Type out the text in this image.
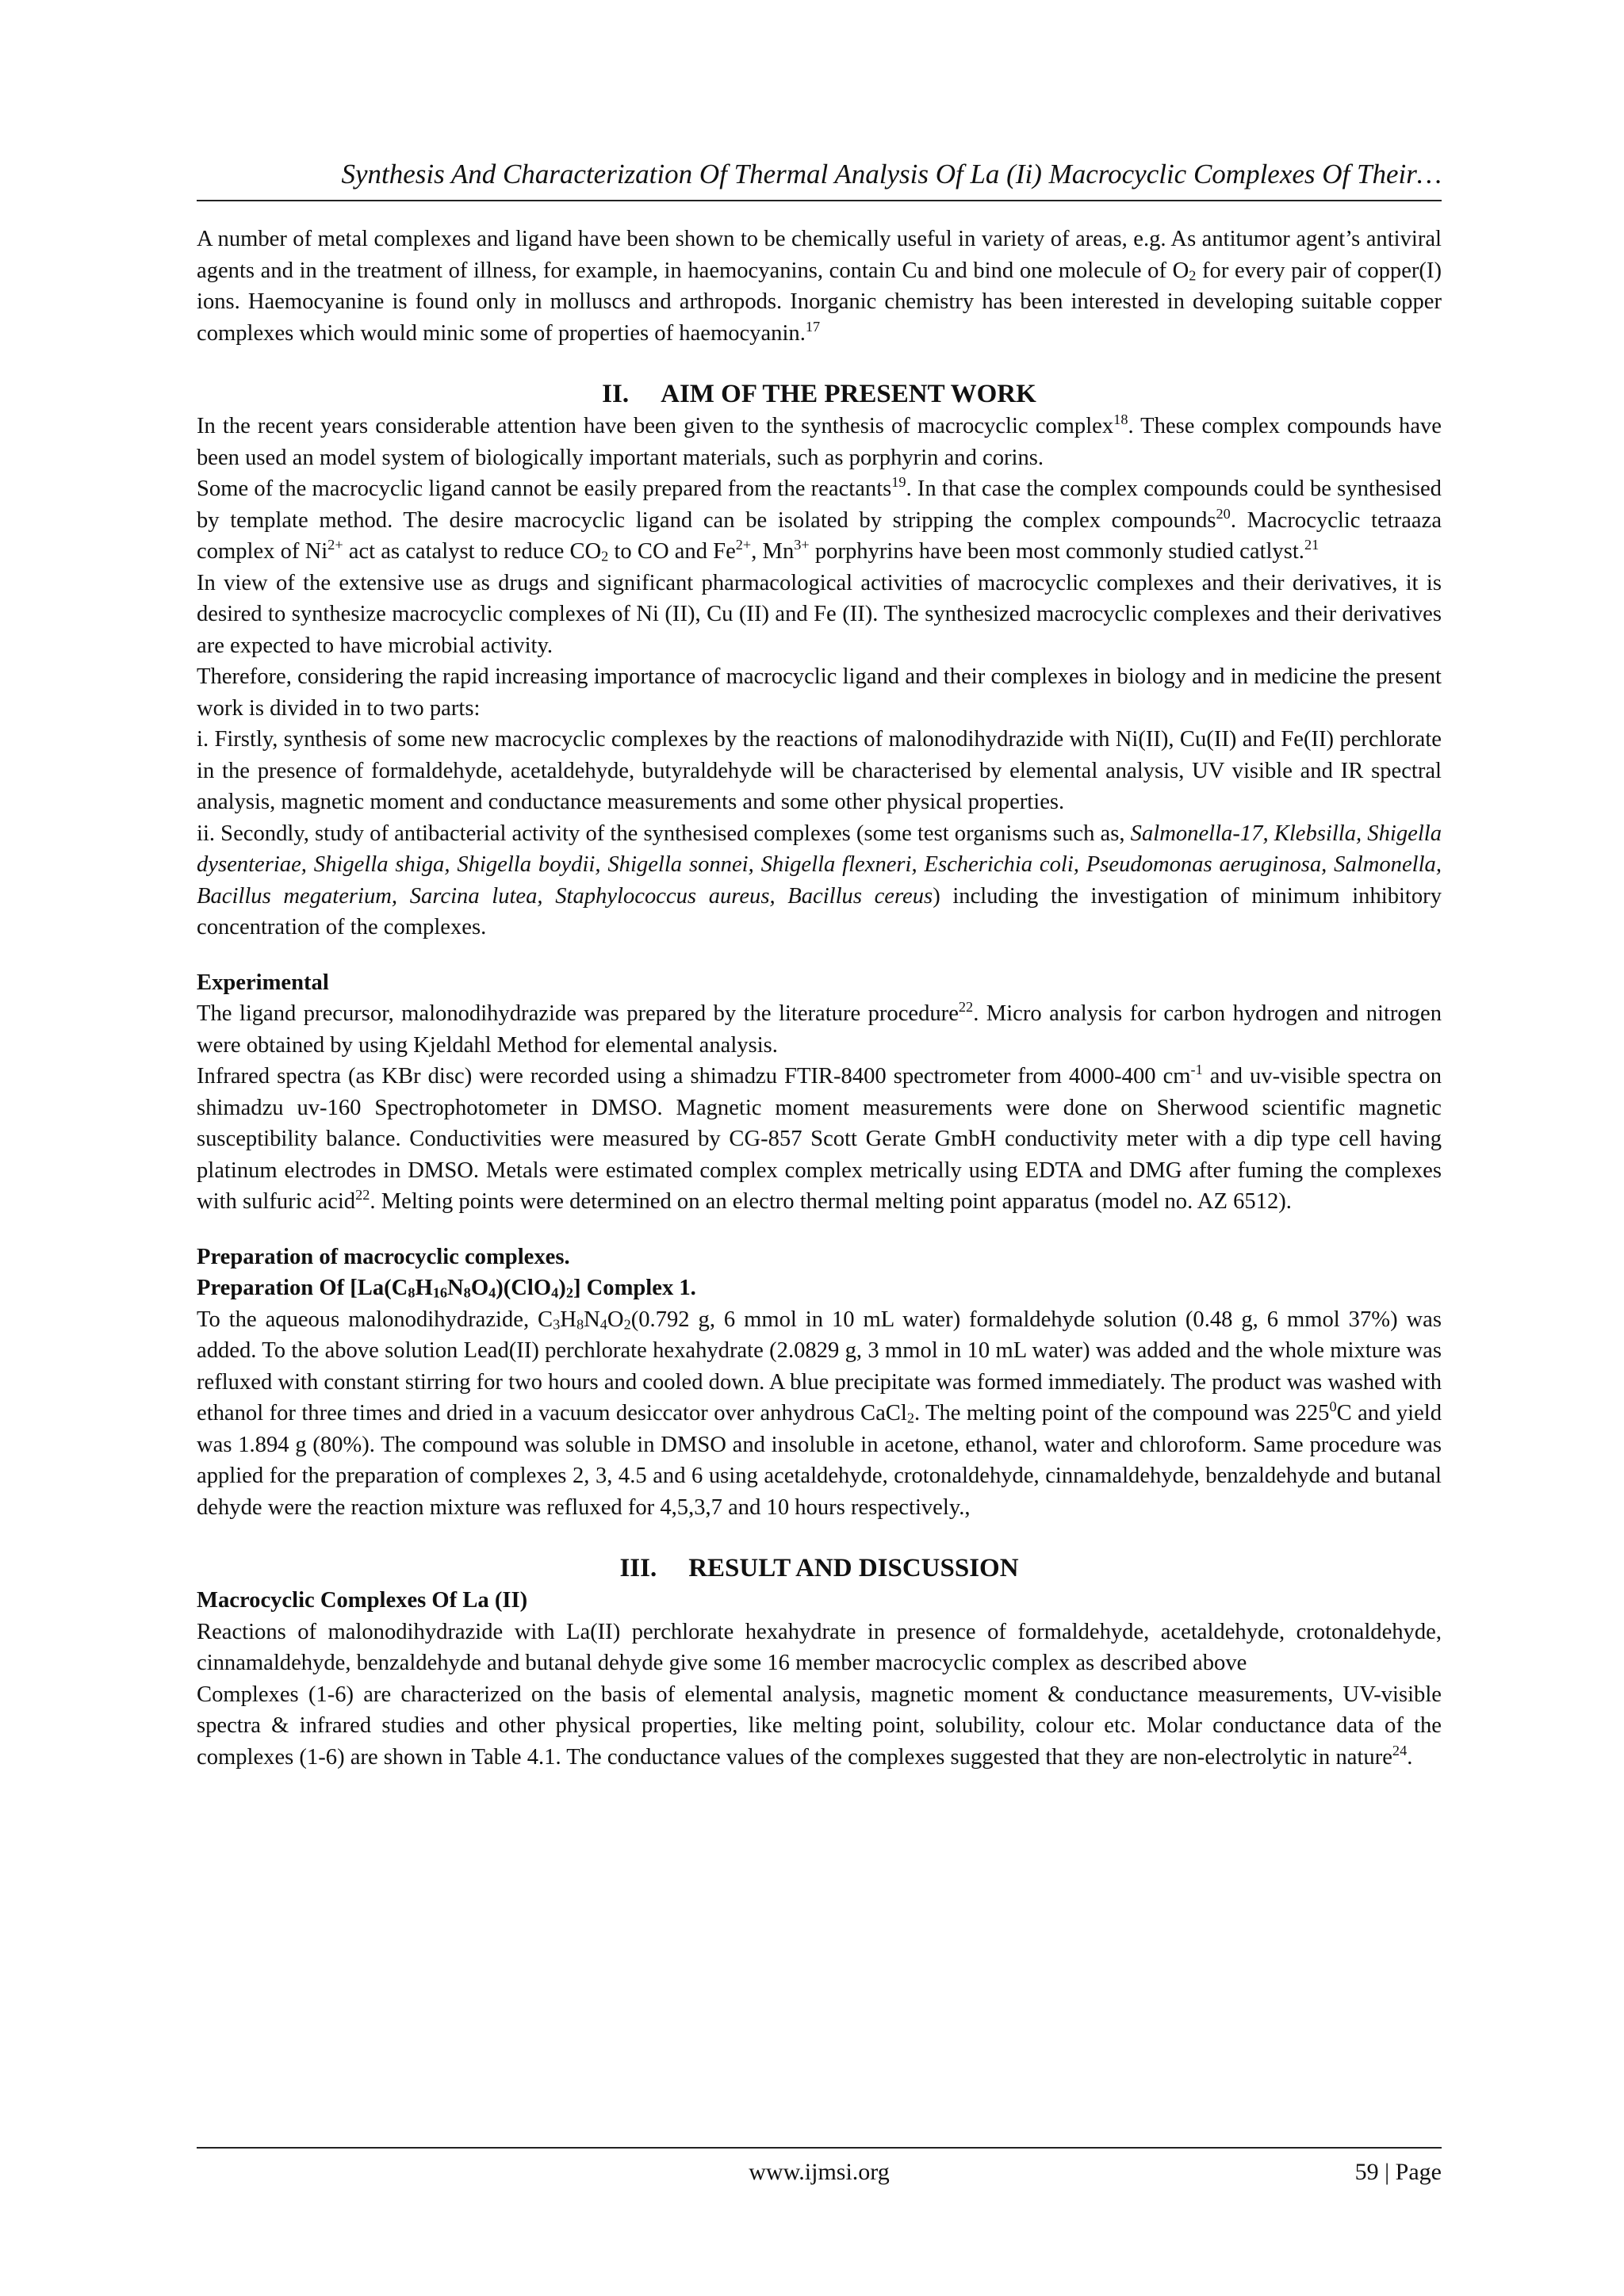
Synthesis And Characterization Of Thermal Analysis Of La (Ii) Macrocyclic Complexes Of Their…

A number of metal complexes and ligand have been shown to be chemically useful in variety of areas, e.g. As antitumor agent’s antiviral agents and in the treatment of illness, for example, in haemocyanins, contain Cu and bind one molecule of $O_2$ for every pair of copper(I) ions. Haemocyanine is found only in molluscs and arthropods. Inorganic chemistry has been interested in developing suitable copper complexes which would minic some of properties of haemocyanin.$^{17}$

II. AIM OF THE PRESENT WORK

In the recent years considerable attention have been given to the synthesis of macrocyclic complex$^{18}$. These complex compounds have been used an model system of biologically important materials, such as porphyrin and corins.

Some of the macrocyclic ligand cannot be easily prepared from the reactants$^{19}$. In that case the complex compounds could be synthesised by template method. The desire macrocyclic ligand can be isolated by stripping the complex compounds$^{20}$. Macrocyclic tetraaza complex of $Ni^{2+}$ act as catalyst to reduce $CO_2$ to CO and $Fe^{2+}$, $Mn^{3+}$ porphyrins have been most commonly studied catlyst.$^{21}$

In view of the extensive use as drugs and significant pharmacological activities of macrocyclic complexes and their derivatives, it is desired to synthesize macrocyclic complexes of Ni (II), Cu (II) and Fe (II). The synthesized macrocyclic complexes and their derivatives are expected to have microbial activity.

Therefore, considering the rapid increasing importance of macrocyclic ligand and their complexes in biology and in medicine the present work is divided in to two parts:

i. Firstly, synthesis of some new macrocyclic complexes by the reactions of malonodihydrazide with Ni(II), Cu(II) and Fe(II) perchlorate in the presence of formaldehyde, acetaldehyde, butyraldehyde will be characterised by elemental analysis, UV visible and IR spectral analysis, magnetic moment and conductance measurements and some other physical properties.

ii. Secondly, study of antibacterial activity of the synthesised complexes (some test organisms such as, Salmonella-17, Klebsilla, Shigella dysenteriae, Shigella shiga, Shigella boydii, Shigella sonnei, Shigella flexneri, Escherichia coli, Pseudomonas aeruginosa, Salmonella, Bacillus megaterium, Sarcina lutea, Staphylococcus aureus, Bacillus cereus) including the investigation of minimum inhibitory concentration of the complexes.

Experimental

The ligand precursor, malonodihydrazide was prepared by the literature procedure$^{22}$. Micro analysis for carbon hydrogen and nitrogen were obtained by using Kjeldahl Method for elemental analysis.

Infrared spectra (as KBr disc) were recorded using a shimadzu FTIR-8400 spectrometer from 4000-400 $cm^{-1}$ and uv-visible spectra on shimadzu uv-160 Spectrophotometer in DMSO. Magnetic moment measurements were done on Sherwood scientific magnetic susceptibility balance. Conductivities were measured by CG-857 Scott Gerate GmbH conductivity meter with a dip type cell having platinum electrodes in DMSO. Metals were estimated complex complex metrically using EDTA and DMG after fuming the complexes with sulfuric acid$^{22}$. Melting points were determined on an electro thermal melting point apparatus (model no. AZ 6512).

Preparation of macrocyclic complexes.

Preparation Of $[La(C_8H_{16}N_8O_4)(ClO_4)_2]$ Complex 1.

To the aqueous malonodihydrazide, $C_3H_8N_4O_2(0.792$ g, 6 mmol in 10 mL water) formaldehyde solution (0.48 g, 6 mmol 37%) was added. To the above solution Lead(II) perchlorate hexahydrate (2.0829 g, 3 mmol in 10 mL water) was added and the whole mixture was refluxed with constant stirring for two hours and cooled down. A blue precipitate was formed immediately. The product was washed with ethanol for three times and dried in a vacuum desiccator over anhydrous CaCl$_2$. The melting point of the compound was $225^0C$ and yield was 1.894 g (80%). The compound was soluble in DMSO and insoluble in acetone, ethanol, water and chloroform. Same procedure was applied for the preparation of complexes 2, 3, 4.5 and 6 using acetaldehyde, crotonaldehyde, cinnamaldehyde, benzaldehyde and butanal dehyde were the reaction mixture was refluxed for 4,5,3,7 and 10 hours respectively.,

III. RESULT AND DISCUSSION

Macrocyclic Complexes Of La (II)

Reactions of malonodihydrazide with La(II) perchlorate hexahydrate in presence of formaldehyde, acetaldehyde, crotonaldehyde, cinnamaldehyde, benzaldehyde and butanal dehyde give some 16 member macrocyclic complex as described above

Complexes (1-6) are characterized on the basis of elemental analysis, magnetic moment & conductance measurements, UV-visible spectra & infrared studies and other physical properties, like melting point, solubility, colour etc. Molar conductance data of the complexes (1-6) are shown in Table 4.1. The conductance values of the complexes suggested that they are non-electrolytic in nature$^{24}$.

www.ijmsi.org	59 | Page
